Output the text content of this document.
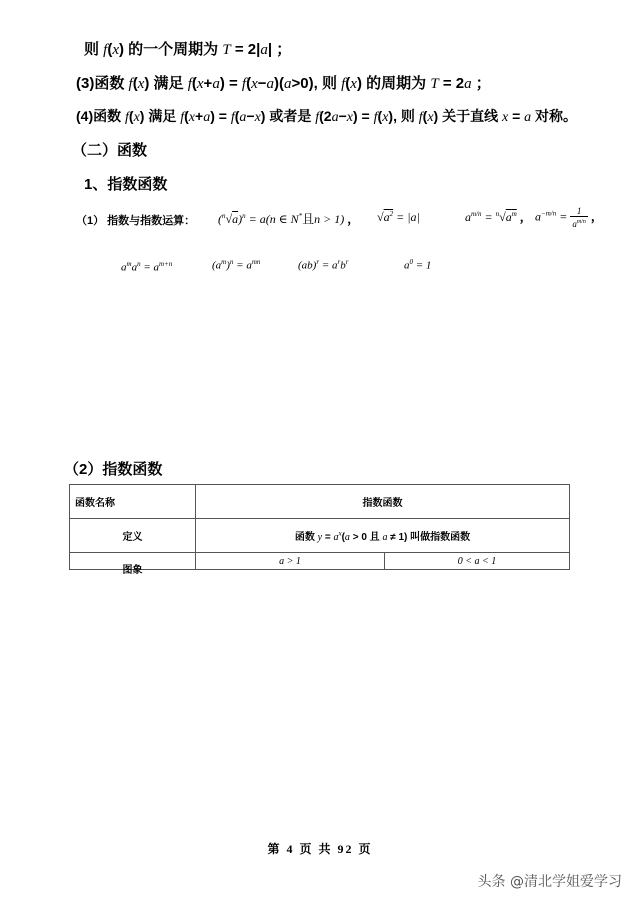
则 f(x) 的一个周期为 T = 2|a| ；
(3)函数 f(x) 满足 f(x+a) = f(x−a)(a>0), 则 f(x) 的周期为 T = 2a ；
(4)函数 f(x) 满足 f(x+a) = f(a−x) 或者是 f(2a−x) = f(x), 则 f(x) 关于直线 x = a 对称。
（二）函数
1、指数函数
（1） 指数与指数运算： $(^n√a)^n = a(n$ ∈ N*且n > 1) ， $√a^2 = |a|$	$a^{m/n} = ^n√a^m$ ， $a^{-m/n} = \frac{1}{a^{m/n}}$ ，
$a^ma^n = a^{m+n}$	$(a^m)^n = a^{mn}$	$(ab)^r = a^rb^r$	$a^0 = 1$
（2）指数函数
函数名称	指数函数	
定义	函数 $y = a^x(a > 0$ 且 a ≠ 1) 叫做指数函数	

图象	a > 1	0 < a < 1
第 4 页 共 92 页
头条 @清北学姐爱学习
